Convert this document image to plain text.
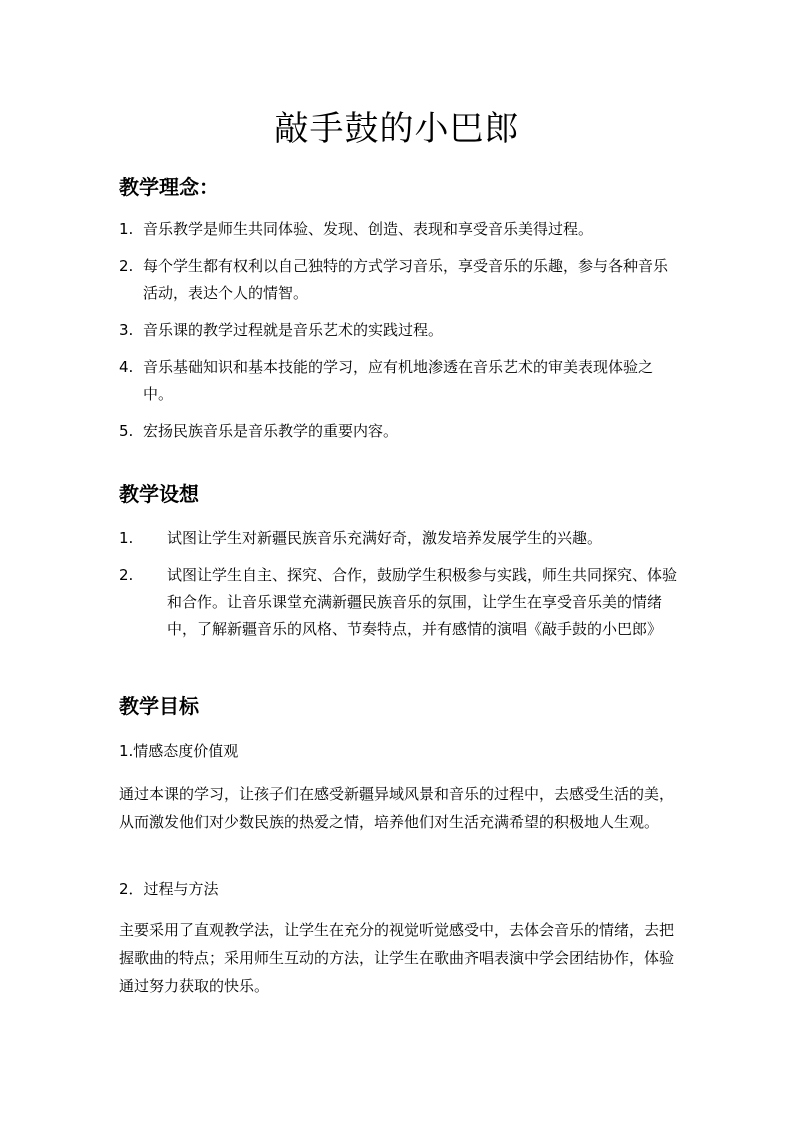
敲手鼓的小巴郎
教学理念：
1. 音乐教学是师生共同体验、发现、创造、表现和享受音乐美得过程。
2. 每个学生都有权利以自己独特的方式学习音乐，享受音乐的乐趣，参与各种音乐活动，表达个人的情智。
3. 音乐课的教学过程就是音乐艺术的实践过程。
4. 音乐基础知识和基本技能的学习，应有机地渗透在音乐艺术的审美表现体验之中。
5. 宏扬民族音乐是音乐教学的重要内容。
教学设想
1. 试图让学生对新疆民族音乐充满好奇，激发培养发展学生的兴趣。
2. 试图让学生自主、探究、合作，鼓励学生积极参与实践，师生共同探究、体验和合作。让音乐课堂充满新疆民族音乐的氛围，让学生在享受音乐美的情绪中，了解新疆音乐的风格、节奏特点，并有感情的演唱《敲手鼓的小巴郎》
教学目标
1.情感态度价值观
通过本课的学习，让孩子们在感受新疆异域风景和音乐的过程中，去感受生活的美，从而激发他们对少数民族的热爱之情，培养他们对生活充满希望的积极地人生观。
2．过程与方法
主要采用了直观教学法，让学生在充分的视觉听觉感受中，去体会音乐的情绪，去把握歌曲的特点；采用师生互动的方法，让学生在歌曲齐唱表演中学会团结协作，体验通过努力获取的快乐。
